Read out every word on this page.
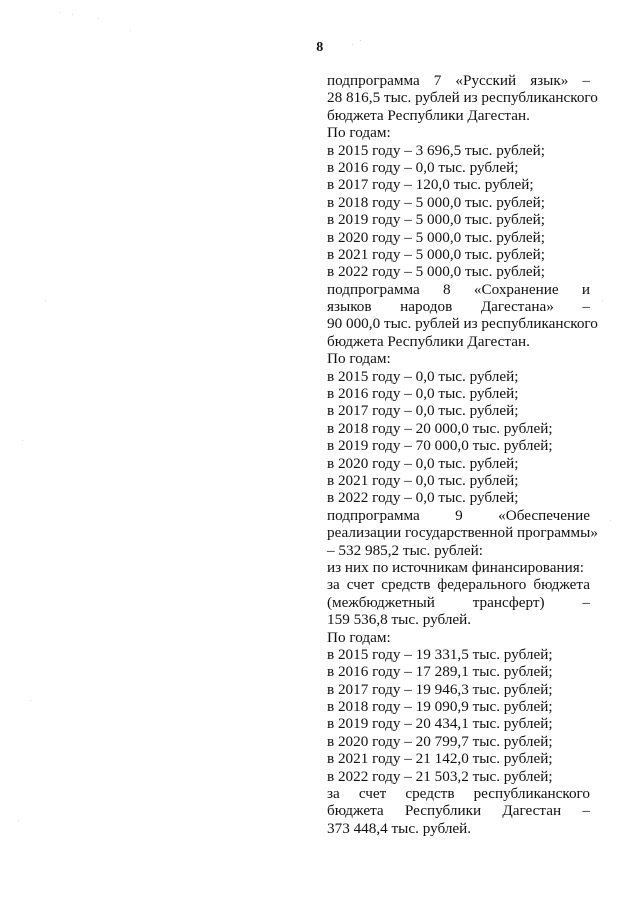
8
подпрограмма 7 «Русский язык» –
28 816,5 тыс. рублей из республиканского
бюджета Республики Дагестан.
По годам:
в 2015 году – 3 696,5 тыс. рублей;
в 2016 году – 0,0 тыс. рублей;
в 2017 году – 120,0 тыс. рублей;
в 2018 году – 5 000,0 тыс. рублей;
в 2019 году – 5 000,0 тыс. рублей;
в 2020 году – 5 000,0 тыс. рублей;
в 2021 году – 5 000,0 тыс. рублей;
в 2022 году – 5 000,0 тыс. рублей;
подпрограмма 8 «Сохранение и
языков народов Дагестана» –
90 000,0 тыс. рублей из республиканского
бюджета Республики Дагестан.
По годам:
в 2015 году – 0,0 тыс. рублей;
в 2016 году – 0,0 тыс. рублей;
в 2017 году – 0,0 тыс. рублей;
в 2018 году – 20 000,0 тыс. рублей;
в 2019 году – 70 000,0 тыс. рублей;
в 2020 году – 0,0 тыс. рублей;
в 2021 году – 0,0 тыс. рублей;
в 2022 году – 0,0 тыс. рублей;
подпрограмма 9 «Обеспечение
реализации государственной программы»
– 532 985,2 тыс. рублей:
из них по источникам финансирования:
за счет средств федерального бюджета
(межбюджетный трансферт) –
159 536,8 тыс. рублей.
По годам:
в 2015 году – 19 331,5 тыс. рублей;
в 2016 году – 17 289,1 тыс. рублей;
в 2017 году – 19 946,3 тыс. рублей;
в 2018 году – 19 090,9 тыс. рублей;
в 2019 году – 20 434,1 тыс. рублей;
в 2020 году – 20 799,7 тыс. рублей;
в 2021 году – 21 142,0 тыс. рублей;
в 2022 году – 21 503,2 тыс. рублей;
за счет средств республиканского
бюджета Республики Дагестан –
373 448,4 тыс. рублей.
